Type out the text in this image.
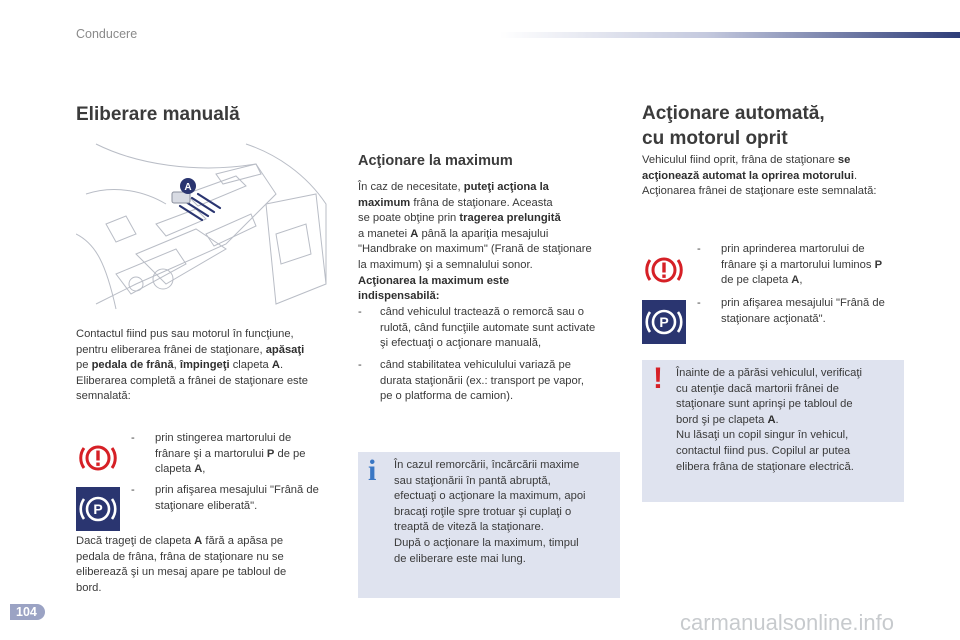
Conducere
Eliberare manuală
A
Contactul fiind pus sau motorul în funcţiune,
pentru eliberarea frânei de staţionare, apăsaţi
pe pedala de frână, împingeţi clapeta A.
Eliberarea completă a frânei de staţionare este
semnalată:
- prin stingerea martorului de
frânare şi a martorului P de pe
clapeta A,
P
- prin afişarea mesajului "Frână de
staţionare eliberată".
Dacă trageţi de clapeta A fără a apăsa pe
pedala de frâna, frâna de staţionare nu se
eliberează şi un mesaj apare pe tabloul de
bord.
Acţionare la maximum
În caz de necesitate, puteţi acţiona la
maximum frâna de staţionare. Aceasta
se poate obţine prin tragerea prelungită
a manetei A până la apariţia mesajului
"Handbrake on maximum" (Frană de staţionare
la maximum) şi a semnalului sonor.
Acţionarea la maximum este
indispensabilă:
- când vehiculul tractează o remorcă sau o
rulotă, când funcţiile automate sunt activate
şi efectuaţi o acţionare manuală,
- când stabilitatea vehiculului variază pe
durata staţionării (ex.: transport pe vapor,
pe o platforma de camion).
i În cazul remorcării, încărcării maxime
sau staţionării în pantă abruptă,
efectuaţi o acţionare la maximum, apoi
bracaţi roţile spre trotuar şi cuplaţi o
treaptă de viteză la staţionare.
După o acţionare la maximum, timpul
de eliberare este mai lung.
Acţionare automată,
cu motorul oprit
Vehiculul fiind oprit, frâna de staţionare se
acţionează automat la oprirea motorului.
Acţionarea frânei de staţionare este semnalată:
- prin aprinderea martorului de
frânare şi a martorului luminos P
de pe clapeta A,
P
- prin afişarea mesajului "Frână de
staţionare acţionată".
! Înainte de a părăsi vehiculul, verificaţi
cu atenţie dacă martorii frânei de
staţionare sunt aprinşi pe tabloul de
bord şi pe clapeta A.
Nu lăsaţi un copil singur în vehicul,
contactul fiind pus. Copilul ar putea
elibera frâna de staţionare electrică.
104	carmanualsonline.info
